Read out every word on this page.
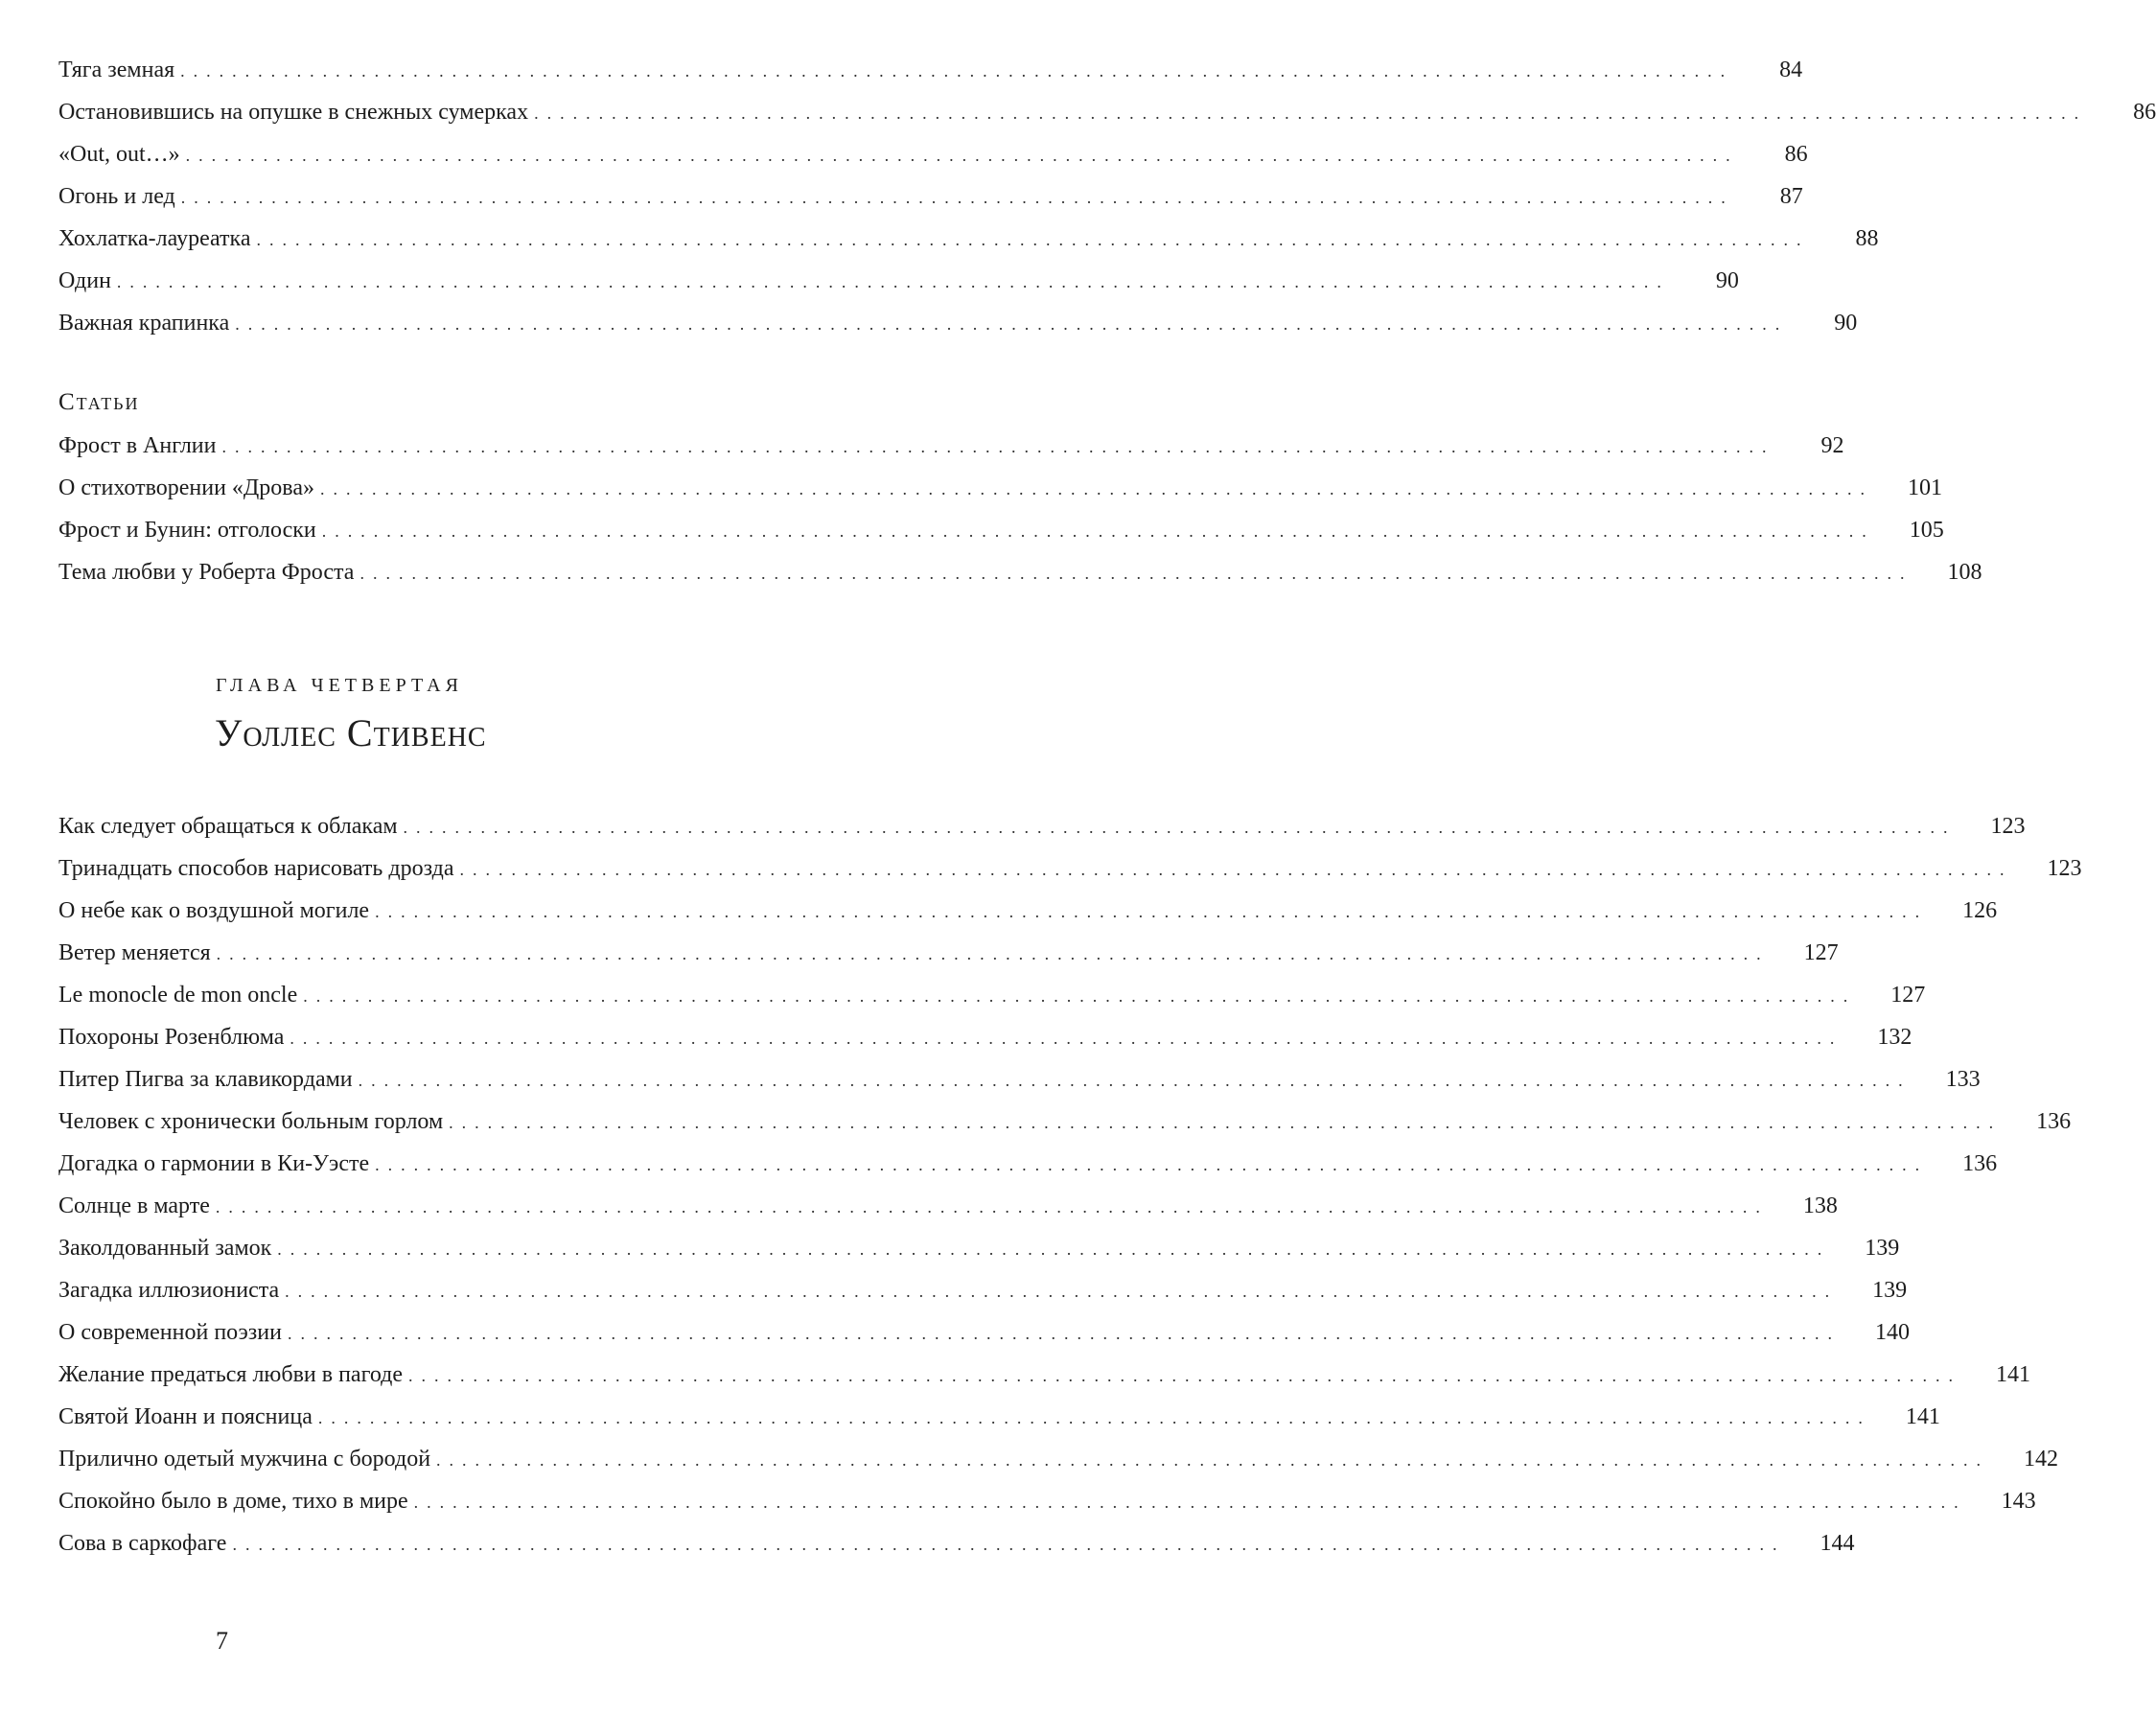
Тяга земная ........................................................................................................................	84
Остановившись на опушке в снежных сумерках ........................................................................................................................	86
«Out, out…» ........................................................................................................................	86
Огонь и лед ........................................................................................................................	87
Хохлатка-лауреатка ........................................................................................................................	88
Один ........................................................................................................................	90
Важная крапинка ........................................................................................................................	90
Статьи
Фрост в Англии ........................................................................................................................	92
О стихотворении «Дрова» ........................................................................................................................	101
Фрост и Бунин: отголоски ........................................................................................................................	105
Тема любви у Роберта Фроста ........................................................................................................................	108
ГЛАВА ЧЕТВЕРТАЯ
Уоллес Стивенс
Как следует обращаться к облакам ........................................................................................................................	123
Тринадцать способов нарисовать дрозда ........................................................................................................................	123
О небе как о воздушной могиле ........................................................................................................................	126
Ветер меняется ........................................................................................................................	127
Le monocle de mon oncle ........................................................................................................................	127
Похороны Розенблюма ........................................................................................................................	132
Питер Пигва за клавикордами ........................................................................................................................	133
Человек с хронически больным горлом ........................................................................................................................	136
Догадка о гармонии в Ки-Уэсте ........................................................................................................................	136
Солнце в марте ........................................................................................................................	138
Заколдованный замок ........................................................................................................................	139
Загадка иллюзиониста ........................................................................................................................	139
О современной поэзии ........................................................................................................................	140
Желание предаться любви в пагоде ........................................................................................................................	141
Святой Иоанн и поясница ........................................................................................................................	141
Прилично одетый мужчина с бородой ........................................................................................................................	142
Спокойно было в доме, тихо в мире ........................................................................................................................	143
Сова в саркофаге ........................................................................................................................	144
7
